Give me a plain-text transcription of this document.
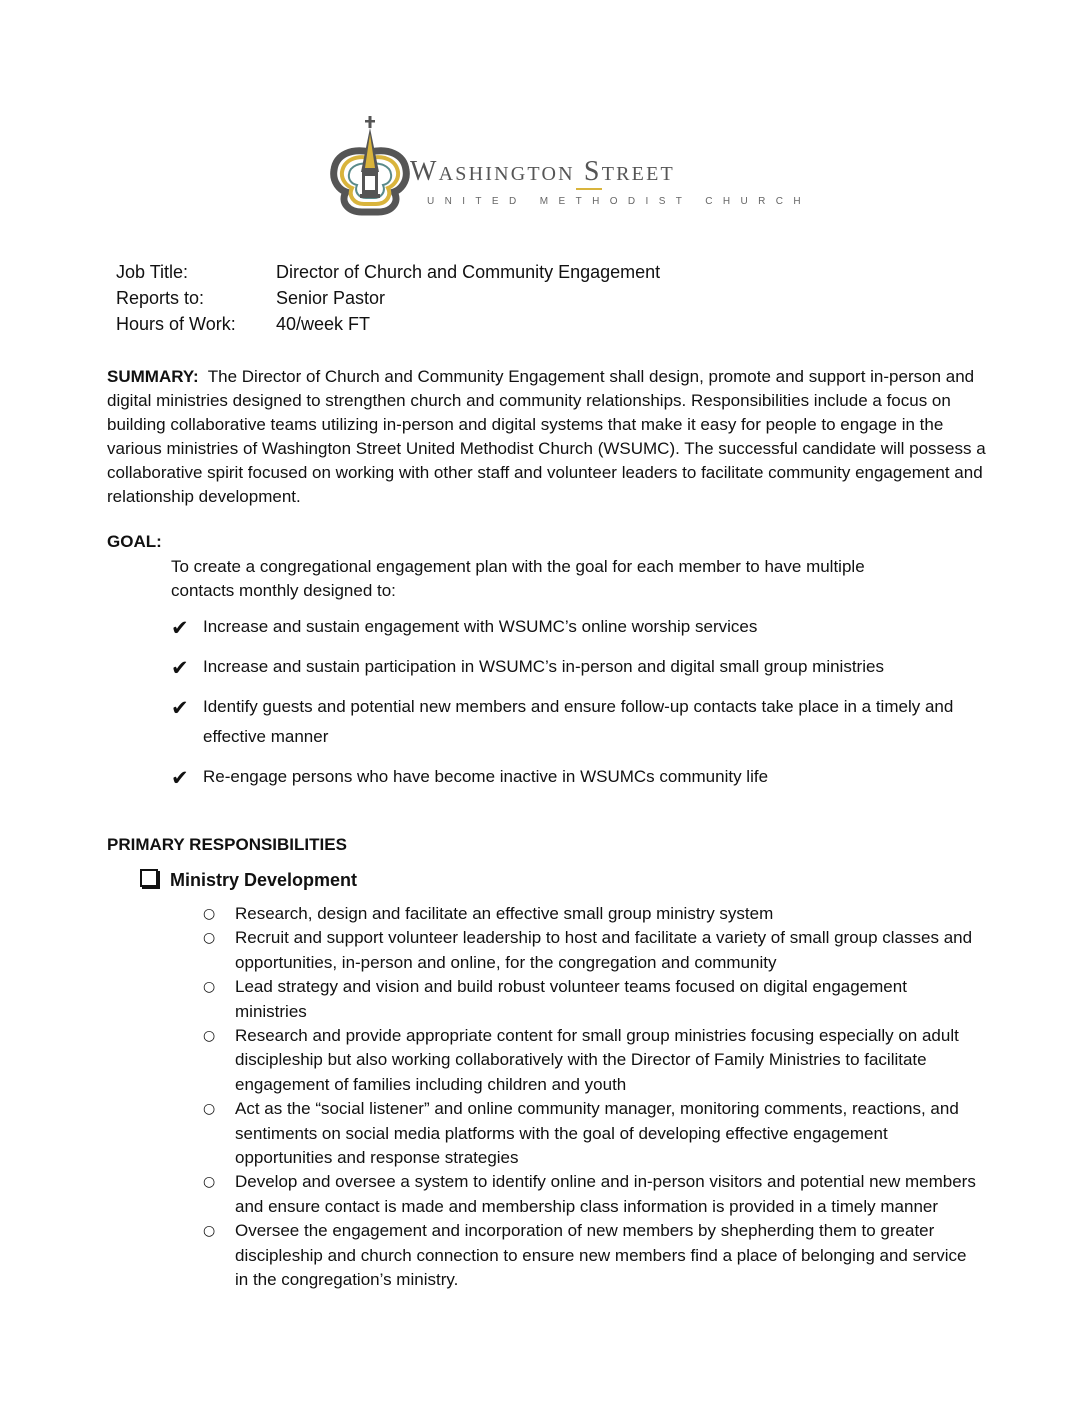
Washington Street
UNITED METHODIST CHURCH
Job Title:	Director of Church and Community Engagement
Reports to:	Senior Pastor
Hours of Work: 40/week FT
SUMMARY: The Director of Church and Community Engagement shall design, promote and support in-person and digital ministries designed to strengthen church and community relationships. Responsibilities include a focus on building collaborative teams utilizing in-person and digital systems that make it easy for people to engage in the various ministries of Washington Street United Methodist Church (WSUMC). The successful candidate will possess a collaborative spirit focused on working with other staff and volunteer leaders to facilitate community engagement and relationship development.
GOAL:
To create a congregational engagement plan with the goal for each member to have multiple contacts monthly designed to:
✔ Increase and sustain engagement with WSUMC’s online worship services
✔ Increase and sustain participation in WSUMC’s in-person and digital small group ministries
✔ Identify guests and potential new members and ensure follow-up contacts take place in a timely and effective manner
✔ Re-engage persons who have become inactive in WSUMCs community life
PRIMARY RESPONSIBILITIES
Ministry Development
○ Research, design and facilitate an effective small group ministry system
○ Recruit and support volunteer leadership to host and facilitate a variety of small group classes and opportunities, in-person and online, for the congregation and community
○ Lead strategy and vision and build robust volunteer teams focused on digital engagement ministries
○ Research and provide appropriate content for small group ministries focusing especially on adult discipleship but also working collaboratively with the Director of Family Ministries to facilitate engagement of families including children and youth
○ Act as the “social listener” and online community manager, monitoring comments, reactions, and sentiments on social media platforms with the goal of developing effective engagement opportunities and response strategies
○ Develop and oversee a system to identify online and in-person visitors and potential new members and ensure contact is made and membership class information is provided in a timely manner
○ Oversee the engagement and incorporation of new members by shepherding them to greater discipleship and church connection to ensure new members find a place of belonging and service in the congregation’s ministry.
